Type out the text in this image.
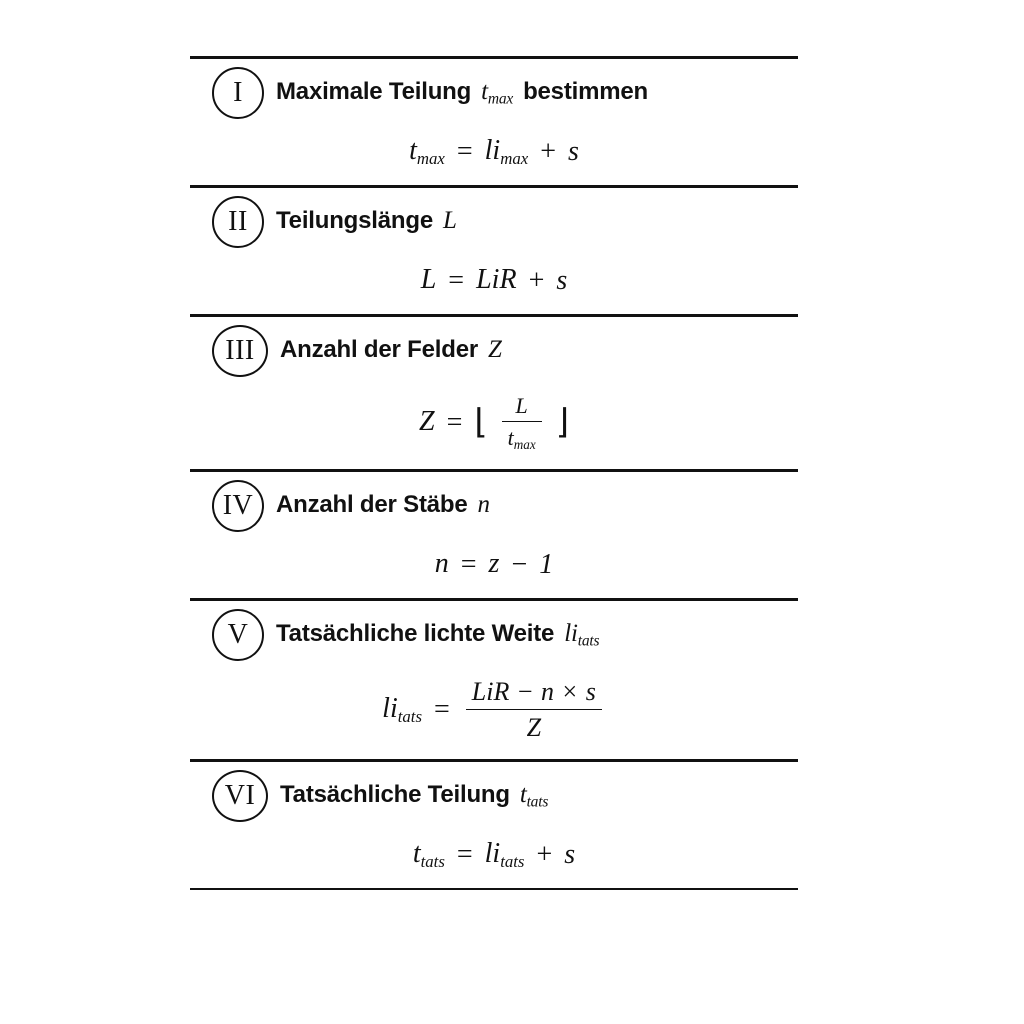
I	Maximale Teilung $t_{max}$ bestimmen
$t_{max} = li_{max} + s$
II	Teilungslänge L
L = LiR + s
III	Anzahl der Felder Z
Z = ⌊ $\frac{L}{t_{max}}$ ⌋
IV Anzahl der Stäbe n
n = z − 1
V	Tatsächliche lichte Weite $li_{tats}$
$li_{tats} = \frac{\text{LiR − n × s}}{Z}$
VI	Tatsächliche Teilung $t_{tats}$
$t_{tats} = li_{tats} + s$
